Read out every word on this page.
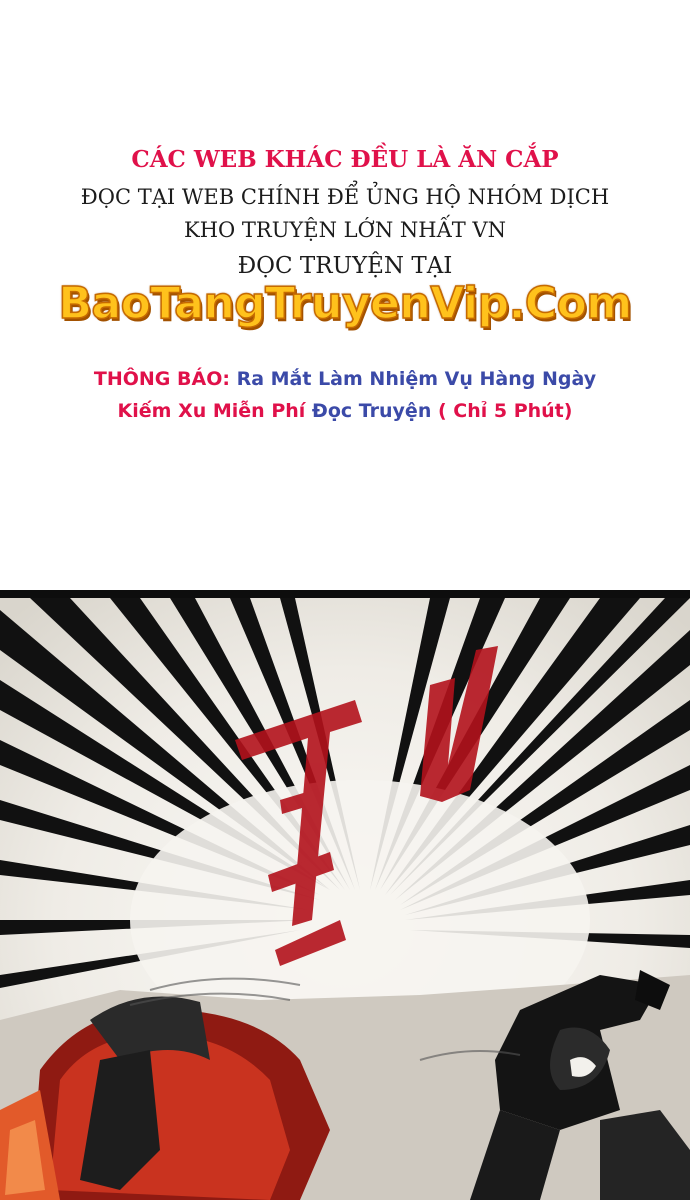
CÁC WEB KHÁC ĐỀU LÀ ĂN CẮP
ĐỌC TẠI WEB CHÍNH ĐỂ ỦNG HỘ NHÓM DỊCH
KHO TRUYỆN LỚN NHẤT VN
ĐỌC TRUYỆN TẠI
BaoTangTruyenVip.Com
THÔNG BÁO: Ra Mắt Làm Nhiệm Vụ Hàng Ngày
Kiếm Xu Miễn Phí Đọc Truyện ( Chỉ 5 Phút)
